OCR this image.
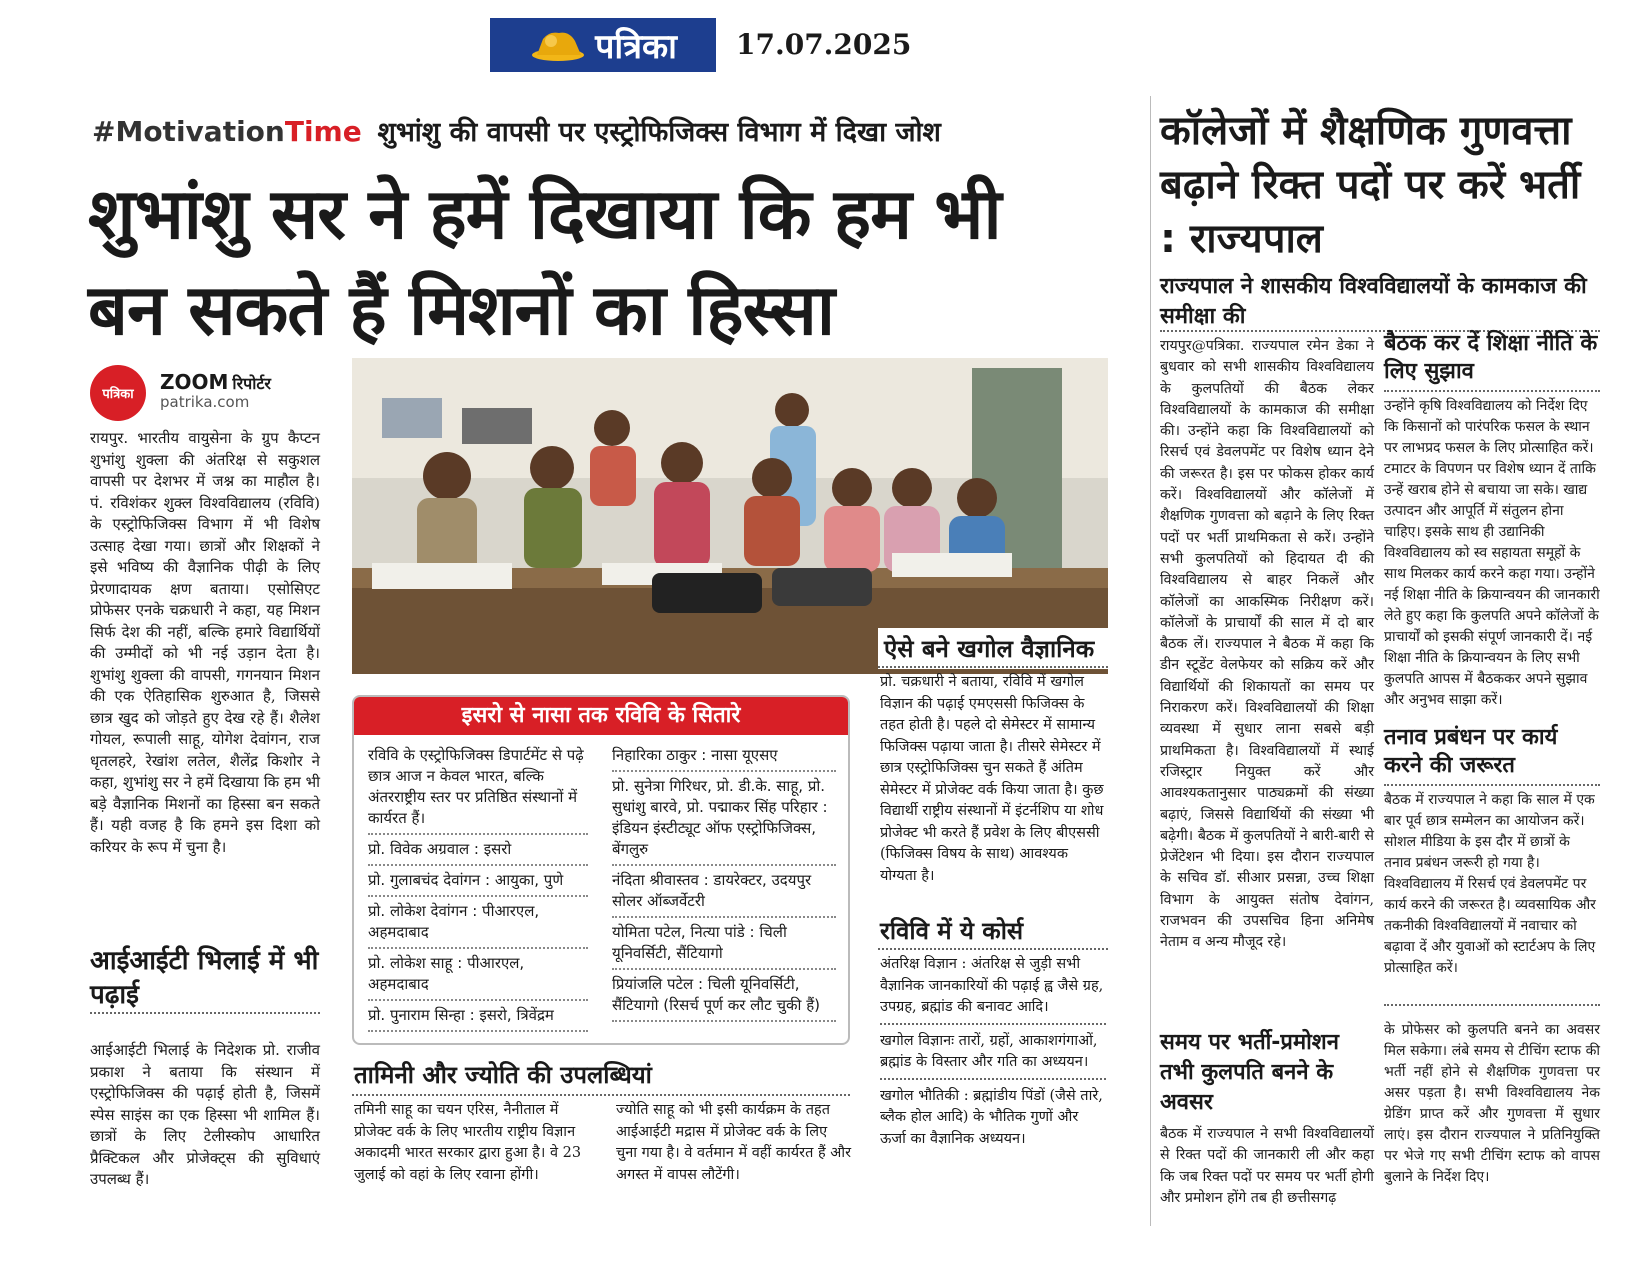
पत्रिका 17.07.2025
#MotivationTime शुभांशु की वापसी पर एस्ट्रोफिजिक्स विभाग में दिखा जोश
शुभांशु सर ने हमें दिखाया कि हम भी बन सकते हैं मिशनों का हिस्सा
पत्रिका
ZOOM रिपोर्टर
patrika.com
रायपुर. भारतीय वायुसेना के ग्रुप कैप्टन शुभांशु शुक्ला की अंतरिक्ष से सकुशल वापसी पर देशभर में जश्न का माहौल है। पं. रविशंकर शुक्ल विश्वविद्यालय (रविवि) के एस्ट्रोफिजिक्स विभाग में भी विशेष उत्साह देखा गया। छात्रों और शिक्षकों ने इसे भविष्य की वैज्ञानिक पीढ़ी के लिए प्रेरणादायक क्षण बताया। एसोसिएट प्रोफेसर एनके चक्रधारी ने कहा, यह मिशन सिर्फ देश की नहीं, बल्कि हमारे विद्यार्थियों की उम्मीदों को भी नई उड़ान देता है। शुभांशु शुक्ला की वापसी, गगनयान मिशन की एक ऐतिहासिक शुरुआत है, जिससे छात्र खुद को जोड़ते हुए देख रहे हैं। शैलेश गोयल, रूपाली साहू, योगेश देवांगन, राज धृतलहरे, रेखांश लतेल, शैलेंद्र किशोर ने कहा, शुभांशु सर ने हमें दिखाया कि हम भी बड़े वैज्ञानिक मिशनों का हिस्सा बन सकते हैं। यही वजह है कि हमने इस दिशा को करियर के रूप में चुना है।
आईआईटी भिलाई में भी पढ़ाई
आईआईटी भिलाई के निदेशक प्रो. राजीव प्रकाश ने बताया कि संस्थान में एस्ट्रोफिजिक्स की पढ़ाई होती है, जिसमें स्पेस साइंस का एक हिस्सा भी शामिल हैं। छात्रों के लिए टेलीस्कोप आधारित प्रैक्टिकल और प्रोजेक्ट्स की सुविधाएं उपलब्ध हैं।
इसरो से नासा तक रविवि के सितारे
रविवि के एस्ट्रोफिजिक्स डिपार्टमेंट से पढ़े छात्र आज न केवल भारत, बल्कि अंतरराष्ट्रीय स्तर पर प्रतिष्ठित संस्थानों में कार्यरत हैं।
प्रो. विवेक अग्रवाल : इसरो
प्रो. गुलाबचंद देवांगन : आयुका, पुणे
प्रो. लोकेश देवांगन : पीआरएल, अहमदाबाद
प्रो. लोकेश साहू : पीआरएल, अहमदाबाद
प्रो. पुनाराम सिन्हा : इसरो, त्रिवेंद्रम
निहारिका ठाकुर : नासा यूएसए
प्रो. सुनेत्रा गिरिधर, प्रो. डी.के. साहू, प्रो. सुधांशु बारवे, प्रो. पद्माकर सिंह परिहार : इंडियन इंस्टीट्यूट ऑफ एस्ट्रोफिजिक्स, बेंगलुरु
नंदिता श्रीवास्तव : डायरेक्टर, उदयपुर सोलर ऑब्जर्वेटरी
योमिता पटेल, नित्या पांडे : चिली यूनिवर्सिटी, सैंटियागो
प्रियांजलि पटेल : चिली यूनिवर्सिटी, सैंटियागो (रिसर्च पूर्ण कर लौट चुकी हैं)
तामिनी और ज्योति की उपलब्धियां
तमिनी साहू का चयन एरिस, नैनीताल में प्रोजेक्ट वर्क के लिए भारतीय राष्ट्रीय विज्ञान अकादमी भारत सरकार द्वारा हुआ है। वे 23 जुलाई को वहां के लिए रवाना होंगी।
ज्योति साहू को भी इसी कार्यक्रम के तहत आईआईटी मद्रास में प्रोजेक्ट वर्क के लिए चुना गया है। वे वर्तमान में वहीं कार्यरत हैं और अगस्त में वापस लौटेंगी।
ऐसे बने खगोल वैज्ञानिक
प्रो. चक्रधारी ने बताया, रविवि में खगोल विज्ञान की पढ़ाई एमएससी फिजिक्स के तहत होती है। पहले दो सेमेस्टर में सामान्य फिजिक्स पढ़ाया जाता है। तीसरे सेमेस्टर में छात्र एस्ट्रोफिजिक्स चुन सकते हैं अंतिम सेमेस्टर में प्रोजेक्ट वर्क किया जाता है। कुछ विद्यार्थी राष्ट्रीय संस्थानों में इंटर्नशिप या शोध प्रोजेक्ट भी करते हैं प्रवेश के लिए बीएससी (फिजिक्स विषय के साथ) आवश्यक योग्यता है।
रविवि में ये कोर्स
अंतरिक्ष विज्ञान : अंतरिक्ष से जुड़ी सभी वैज्ञानिक जानकारियों की पढ़ाई ह्व जैसे ग्रह, उपग्रह, ब्रह्मांड की बनावट आदि।
खगोल विज्ञानः तारों, ग्रहों, आकाशगंगाओं, ब्रह्मांड के विस्तार और गति का अध्ययन।
खगोल भौतिकी : ब्रह्मांडीय पिंडों (जैसे तारे, ब्लैक होल आदि) के भौतिक गुणों और ऊर्जा का वैज्ञानिक अध्ययन।
कॉलेजों में शैक्षणिक गुणवत्ता बढ़ाने रिक्त पदों पर करें भर्ती : राज्यपाल
राज्यपाल ने शासकीय विश्वविद्यालयों के कामकाज की समीक्षा की
रायपुर@पत्रिका. राज्यपाल रमेन डेका ने बुधवार को सभी शासकीय विश्वविद्यालय के कुलपतियों की बैठक लेकर विश्वविद्यालयों के कामकाज की समीक्षा की। उन्होंने कहा कि विश्वविद्यालयों को रिसर्च एवं डेवलपमेंट पर विशेष ध्यान देने की जरूरत है। इस पर फोकस होकर कार्य करें। विश्वविद्यालयों और कॉलेजों में शैक्षणिक गुणवत्ता को बढ़ाने के लिए रिक्त पदों पर भर्ती प्राथमिकता से करें। उन्होंने सभी कुलपतियों को हिदायत दी की विश्वविद्यालय से बाहर निकलें और कॉलेजों का आकस्मिक निरीक्षण करें। कॉलेजों के प्राचार्यों की साल में दो बार बैठक लें। राज्यपाल ने बैठक में कहा कि डीन स्टूडेंट वेलफेयर को सक्रिय करें और विद्यार्थियों की शिकायतों का समय पर निराकरण करें। विश्वविद्यालयों की शिक्षा व्यवस्था में सुधार लाना सबसे बड़ी प्राथमिकता है। विश्वविद्यालयों में स्थाई रजिस्ट्रार नियुक्त करें और आवश्यकतानुसार पाठ्यक्रमों की संख्या बढ़ाएं, जिससे विद्यार्थियों की संख्या भी बढ़ेगी। बैठक में कुलपतियों ने बारी-बारी से प्रेजेंटेशन भी दिया। इस दौरान राज्यपाल के सचिव डॉ. सीआर प्रसन्ना, उच्च शिक्षा विभाग के आयुक्त संतोष देवांगन, राजभवन की उपसचिव हिना अनिमेष नेताम व अन्य मौजूद रहे।
समय पर भर्ती-प्रमोशन तभी कुलपति बनने के अवसर
बैठक में राज्यपाल ने सभी विश्वविद्यालयों से रिक्त पदों की जानकारी ली और कहा कि जब रिक्त पदों पर समय पर भर्ती होगी और प्रमोशन होंगे तब ही छत्तीसगढ़
बैठक कर दें शिक्षा नीति के लिए सुझाव
उन्होंने कृषि विश्वविद्यालय को निर्देश दिए कि किसानों को पारंपरिक फसल के स्थान पर लाभप्रद फसल के लिए प्रोत्साहित करें। टमाटर के विपणन पर विशेष ध्यान दें ताकि उन्हें खराब होने से बचाया जा सके। खाद्य उत्पादन और आपूर्ति में संतुलन होना चाहिए। इसके साथ ही उद्यानिकी विश्वविद्यालय को स्व सहायता समूहों के साथ मिलकर कार्य करने कहा गया। उन्होंने नई शिक्षा नीति के क्रियान्वयन की जानकारी लेते हुए कहा कि कुलपति अपने कॉलेजों के प्राचार्यों को इसकी संपूर्ण जानकारी दें। नई शिक्षा नीति के क्रियान्वयन के लिए सभी कुलपति आपस में बैठककर अपने सुझाव और अनुभव साझा करें।
तनाव प्रबंधन पर कार्य करने की जरूरत
बैठक में राज्यपाल ने कहा कि साल में एक बार पूर्व छात्र सम्मेलन का आयोजन करें। सोशल मीडिया के इस दौर में छात्रों के तनाव प्रबंधन जरूरी हो गया है। विश्वविद्यालय में रिसर्च एवं डेवलपमेंट पर कार्य करने की जरूरत है। व्यवसायिक और तकनीकी विश्वविद्यालयों में नवाचार को बढ़ावा दें और युवाओं को स्टार्टअप के लिए प्रोत्साहित करें।
के प्रोफेसर को कुलपति बनने का अवसर मिल सकेगा। लंबे समय से टीचिंग स्टाफ की भर्ती नहीं होने से शैक्षणिक गुणवत्ता पर असर पड़ता है। सभी विश्वविद्यालय नेक ग्रेडिंग प्राप्त करें और गुणवत्ता में सुधार लाएं। इस दौरान राज्यपाल ने प्रतिनियुक्ति पर भेजे गए सभी टीचिंग स्टाफ को वापस बुलाने के निर्देश दिए।
